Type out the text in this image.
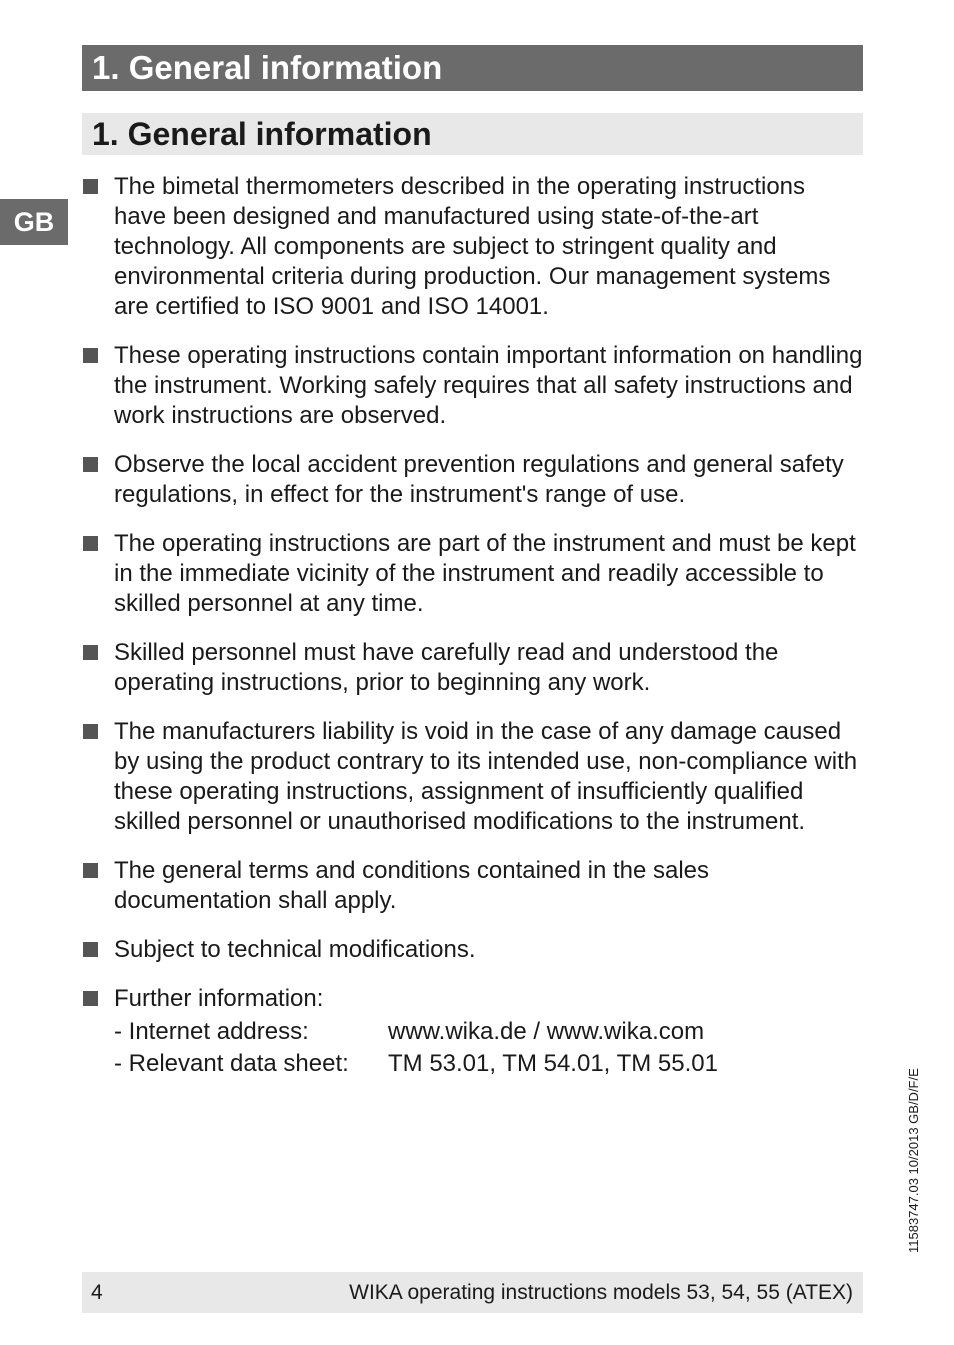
1. General information
1. General information
GB
The bimetal thermometers described in the operating instructions have been designed and manufactured using state-of-the-art technology. All components are subject to stringent quality and environmental criteria during production. Our management systems are certified to ISO 9001 and ISO 14001.
These operating instructions contain important information on handling the instrument. Working safely requires that all safety instructions and work instructions are observed.
Observe the local accident prevention regulations and general safety regulations, in effect for the instrument's range of use.
The operating instructions are part of the instrument and must be kept in the immediate vicinity of the instrument and readily accessible to skilled personnel at any time.
Skilled personnel must have carefully read and understood the operating instructions, prior to beginning any work.
The manufacturers liability is void in the case of any damage caused by using the product contrary to its intended use, non-compliance with these operating instructions, assignment of insufficiently qualified skilled personnel or unauthorised modifications to the instrument.
The general terms and conditions contained in the sales documentation shall apply.
Subject to technical modifications.
Further information:
- Internet address:	www.wika.de / www.wika.com
- Relevant data sheet:	TM 53.01, TM 54.01, TM 55.01
11583747.03 10/2013 GB/D/F/E
4	WIKA operating instructions models 53, 54, 55 (ATEX)
